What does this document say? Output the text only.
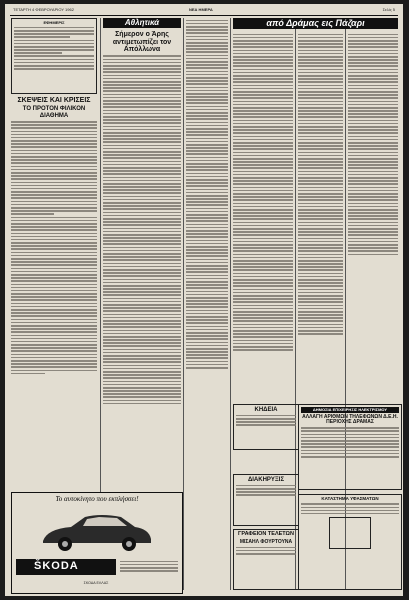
ΤΕΤΑΡΤΗ 4 ΦΕΒΡΟΥΑΡΙΟΥ 1962	ΝΕΑ ΗΜΕΡΑ	Σελίς 5
ΕΦΗΜΕΡΙΣ
ΣΚΕΨΕΙΣ ΚΑΙ ΚΡΙΣΕΙΣ
ΤΟ ΠΡΟΤΟΝ ΦΙΛΙΚΟΝ ΔΙΑΘΗΜΑ
Αθλητικά
Σήμερον ο Άρης αντιμετωπίζει τον Απόλλωνα
από Δράμας εις Πάζαρι
Το αυτοκίνητο που εκπλήσσει!
ŠKODA
ΣΚΟΔΑ ΕΛΛΑΣ
ΚΗΔΕΙΑ
ΔΙΑΚΗΡΥΞΙΣ
ΓΡΑΦΕΙΟΝ ΤΕΛΕΤΩΝ
ΜΙΣΑΗΛ ΦΟΥΡΤΟΥΝΑ
ΔΗΜΟΣΙΑ ΕΠΙΧΕΙΡΗΣΙΣ ΗΛΕΚΤΡΙΣΜΟΥ
ΑΛΛΑΓΗ ΑΡΙΘΜΩΝ ΤΗΛΕΦΩΝΩΝ Δ.Ε.Η. ΠΕΡΙΟΧΗΣ ΔΡΑΜΑΣ
ΚΑΤΑΣΤΗΜΑ ΥΦΑΣΜΑΤΩΝ
